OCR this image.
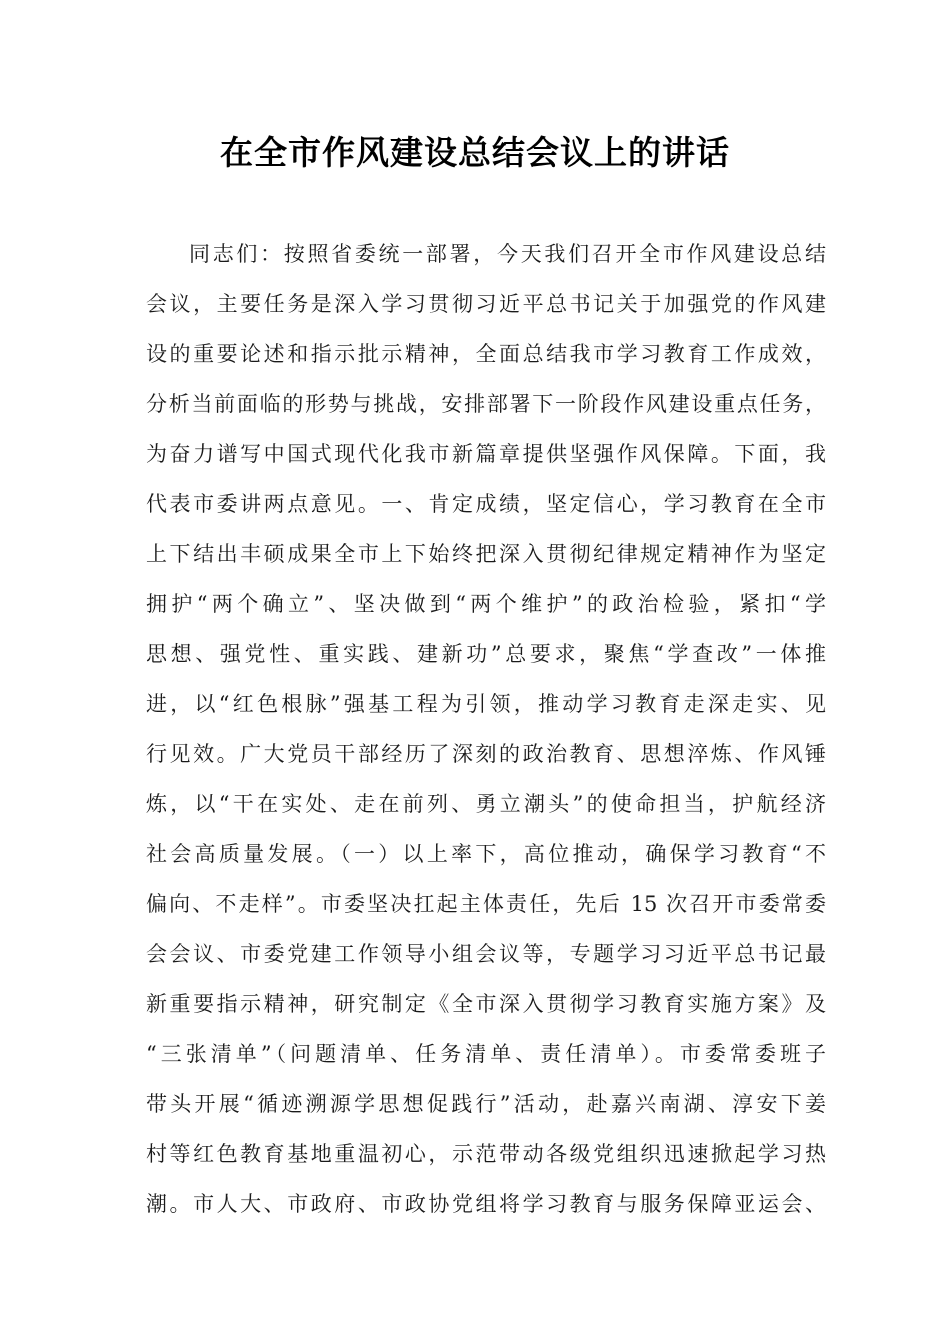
在全市作风建设总结会议上的讲话
同志们：按照省委统一部署，今天我们召开全市作风建设总结
会议，主要任务是深入学习贯彻习近平总书记关于加强党的作风建
设的重要论述和指示批示精神，全面总结我市学习教育工作成效，
分析当前面临的形势与挑战，安排部署下一阶段作风建设重点任务，
为奋力谱写中国式现代化我市新篇章提供坚强作风保障。下面，我
代表市委讲两点意见。一、肯定成绩，坚定信心，学习教育在全市
上下结出丰硕成果全市上下始终把深入贯彻纪律规定精神作为坚定
拥护“两个确立”、坚决做到“两个维护”的政治检验，紧扣“学
思想、强党性、重实践、建新功”总要求，聚焦“学查改”一体推
进，以“红色根脉”强基工程为引领，推动学习教育走深走实、见
行见效。广大党员干部经历了深刻的政治教育、思想淬炼、作风锤
炼，以“干在实处、走在前列、勇立潮头”的使命担当，护航经济
社会高质量发展。（一）以上率下，高位推动，确保学习教育“不
偏向、不走样”。市委坚决扛起主体责任，先后 15 次召开市委常委
会会议、市委党建工作领导小组会议等，专题学习习近平总书记最
新重要指示精神，研究制定《全市深入贯彻学习教育实施方案》及
“三张清单”（问题清单、任务清单、责任清单）。市委常委班子
带头开展“循迹溯源学思想促践行”活动，赴嘉兴南湖、淳安下姜
村等红色教育基地重温初心，示范带动各级党组织迅速掀起学习热
潮。市人大、市政府、市政协党组将学习教育与服务保障亚运会、
